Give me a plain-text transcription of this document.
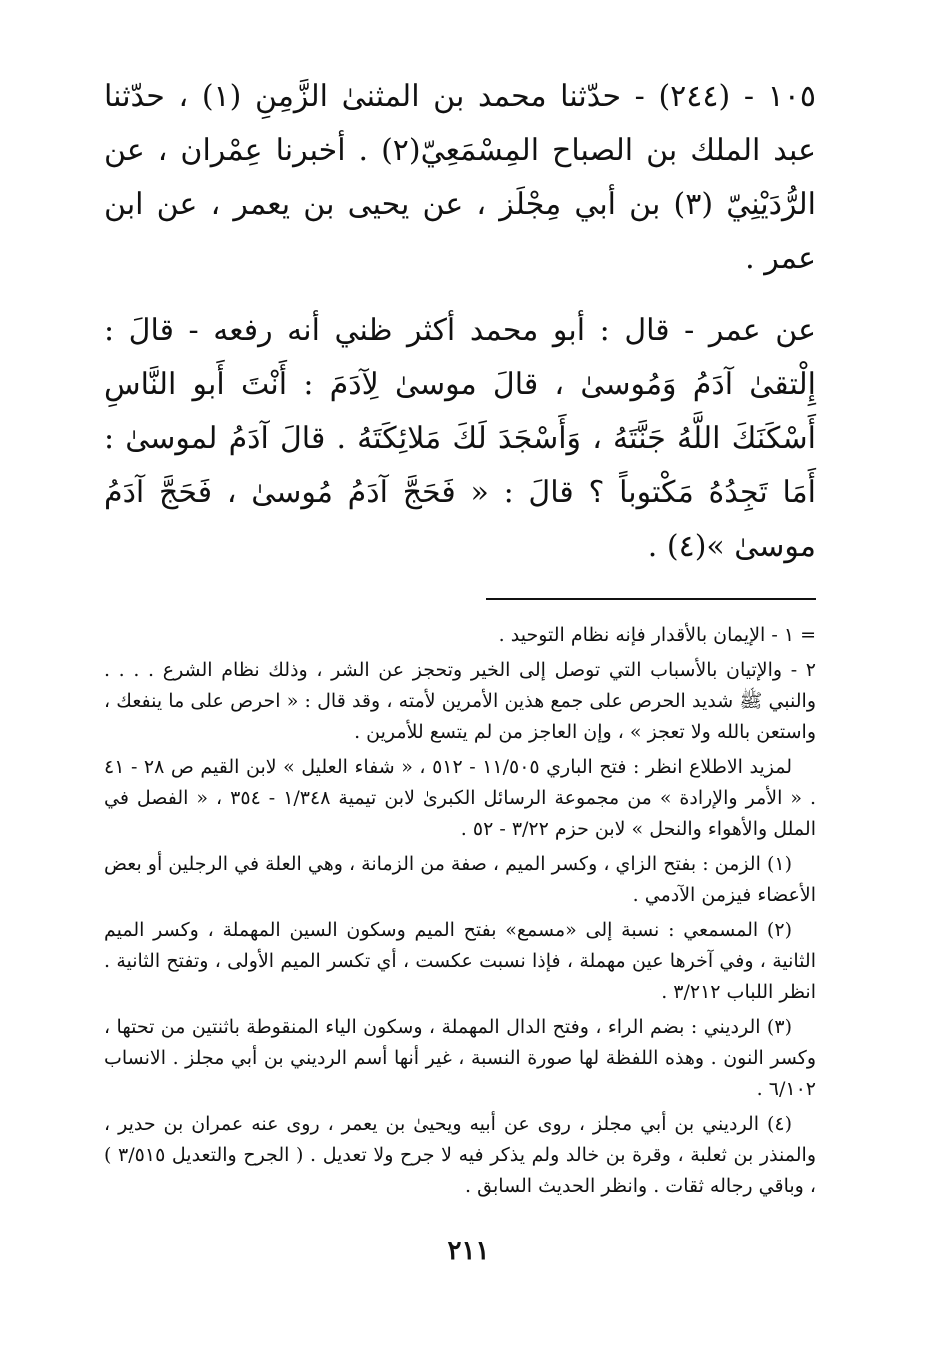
١٠٥ - (٢٤٤) - حدّثنا محمد بن المثنىٰ الزَّمِنِ (١) ، حدّثنا عبد الملك بن الصباح المِسْمَعِيّ(٢) . أخبرنا عِمْران ، عن الرُّدَيْنِيّ (٣) بن أبي مِجْلَز ، عن يحيى بن يعمر ، عن ابن عمر .

عن عمر - قال : أبو محمد أكثر ظني أنه رفعه - قالَ : إِلْتقىٰ آدَمُ وَمُوسىٰ ، قالَ موسىٰ لِآدَمَ : أَنْتَ أَبو النَّاسِ أَسْكَنَكَ اللَّهُ جَنَّتَهُ ، وَأَسْجَدَ لَكَ مَلائِكَتَهُ . قالَ آدَمُ لموسىٰ : أَمَا تَجِدُهُ مَكْتوباً ؟ قالَ : « فَحَجَّ آدَمُ مُوسىٰ ، فَحَجَّ آدَمُ موسىٰ »(٤) .

= ١ - الإيمان بالأقدار فإنه نظام التوحيد .

٢ - والإتيان بالأسباب التي توصل إلى الخير وتحجز عن الشر ، وذلك نظام الشرع . . . . والنبي ﷺ شديد الحرص على جمع هذين الأمرين لأمته ، وقد قال : « احرص على ما ينفعك ، واستعن بالله ولا تعجز » ، وإن العاجز من لم يتسع للأمرين .

لمزيد الاطلاع انظر : فتح الباري ١١/٥٠٥ - ٥١٢ ، « شفاء العليل » لابن القيم ص ٢٨ - ٤١ . « الأمر والإرادة » من مجموعة الرسائل الكبرىٰ لابن تيمية ١/٣٤٨ - ٣٥٤ ، « الفصل في الملل والأهواء والنحل » لابن حزم ٣/٢٢ - ٥٢ .

(١) الزمن : بفتح الزاي ، وكسر الميم ، صفة من الزمانة ، وهي العلة في الرجلين أو بعض الأعضاء فيزمن الآدمي .

(٢) المسمعي : نسبة إلى «مسمع» بفتح الميم وسكون السين المهملة ، وكسر الميم الثانية ، وفي آخرها عين مهملة ، فإذا نسبت عكست ، أي تكسر الميم الأولى ، وتفتح الثانية . انظر اللباب ٣/٢١٢ .

(٣) الرديني : بضم الراء ، وفتح الدال المهملة ، وسكون الياء المنقوطة باثنتين من تحتها ، وكسر النون . وهذه اللفظة لها صورة النسبة ، غير أنها أسم الرديني بن أبي مجلز . الانساب ٦/١٠٢ .

(٤) الرديني بن أبي مجلز ، روى عن أبيه ويحيىٰ بن يعمر ، روى عنه عمران بن حدير ، والمنذر بن ثعلبة ، وقرة بن خالد ولم يذكر فيه لا جرح ولا تعديل . ( الجرح والتعديل ٣/٥١٥ ) ، وباقي رجاله ثقات . وانظر الحديث السابق .

٢١١
